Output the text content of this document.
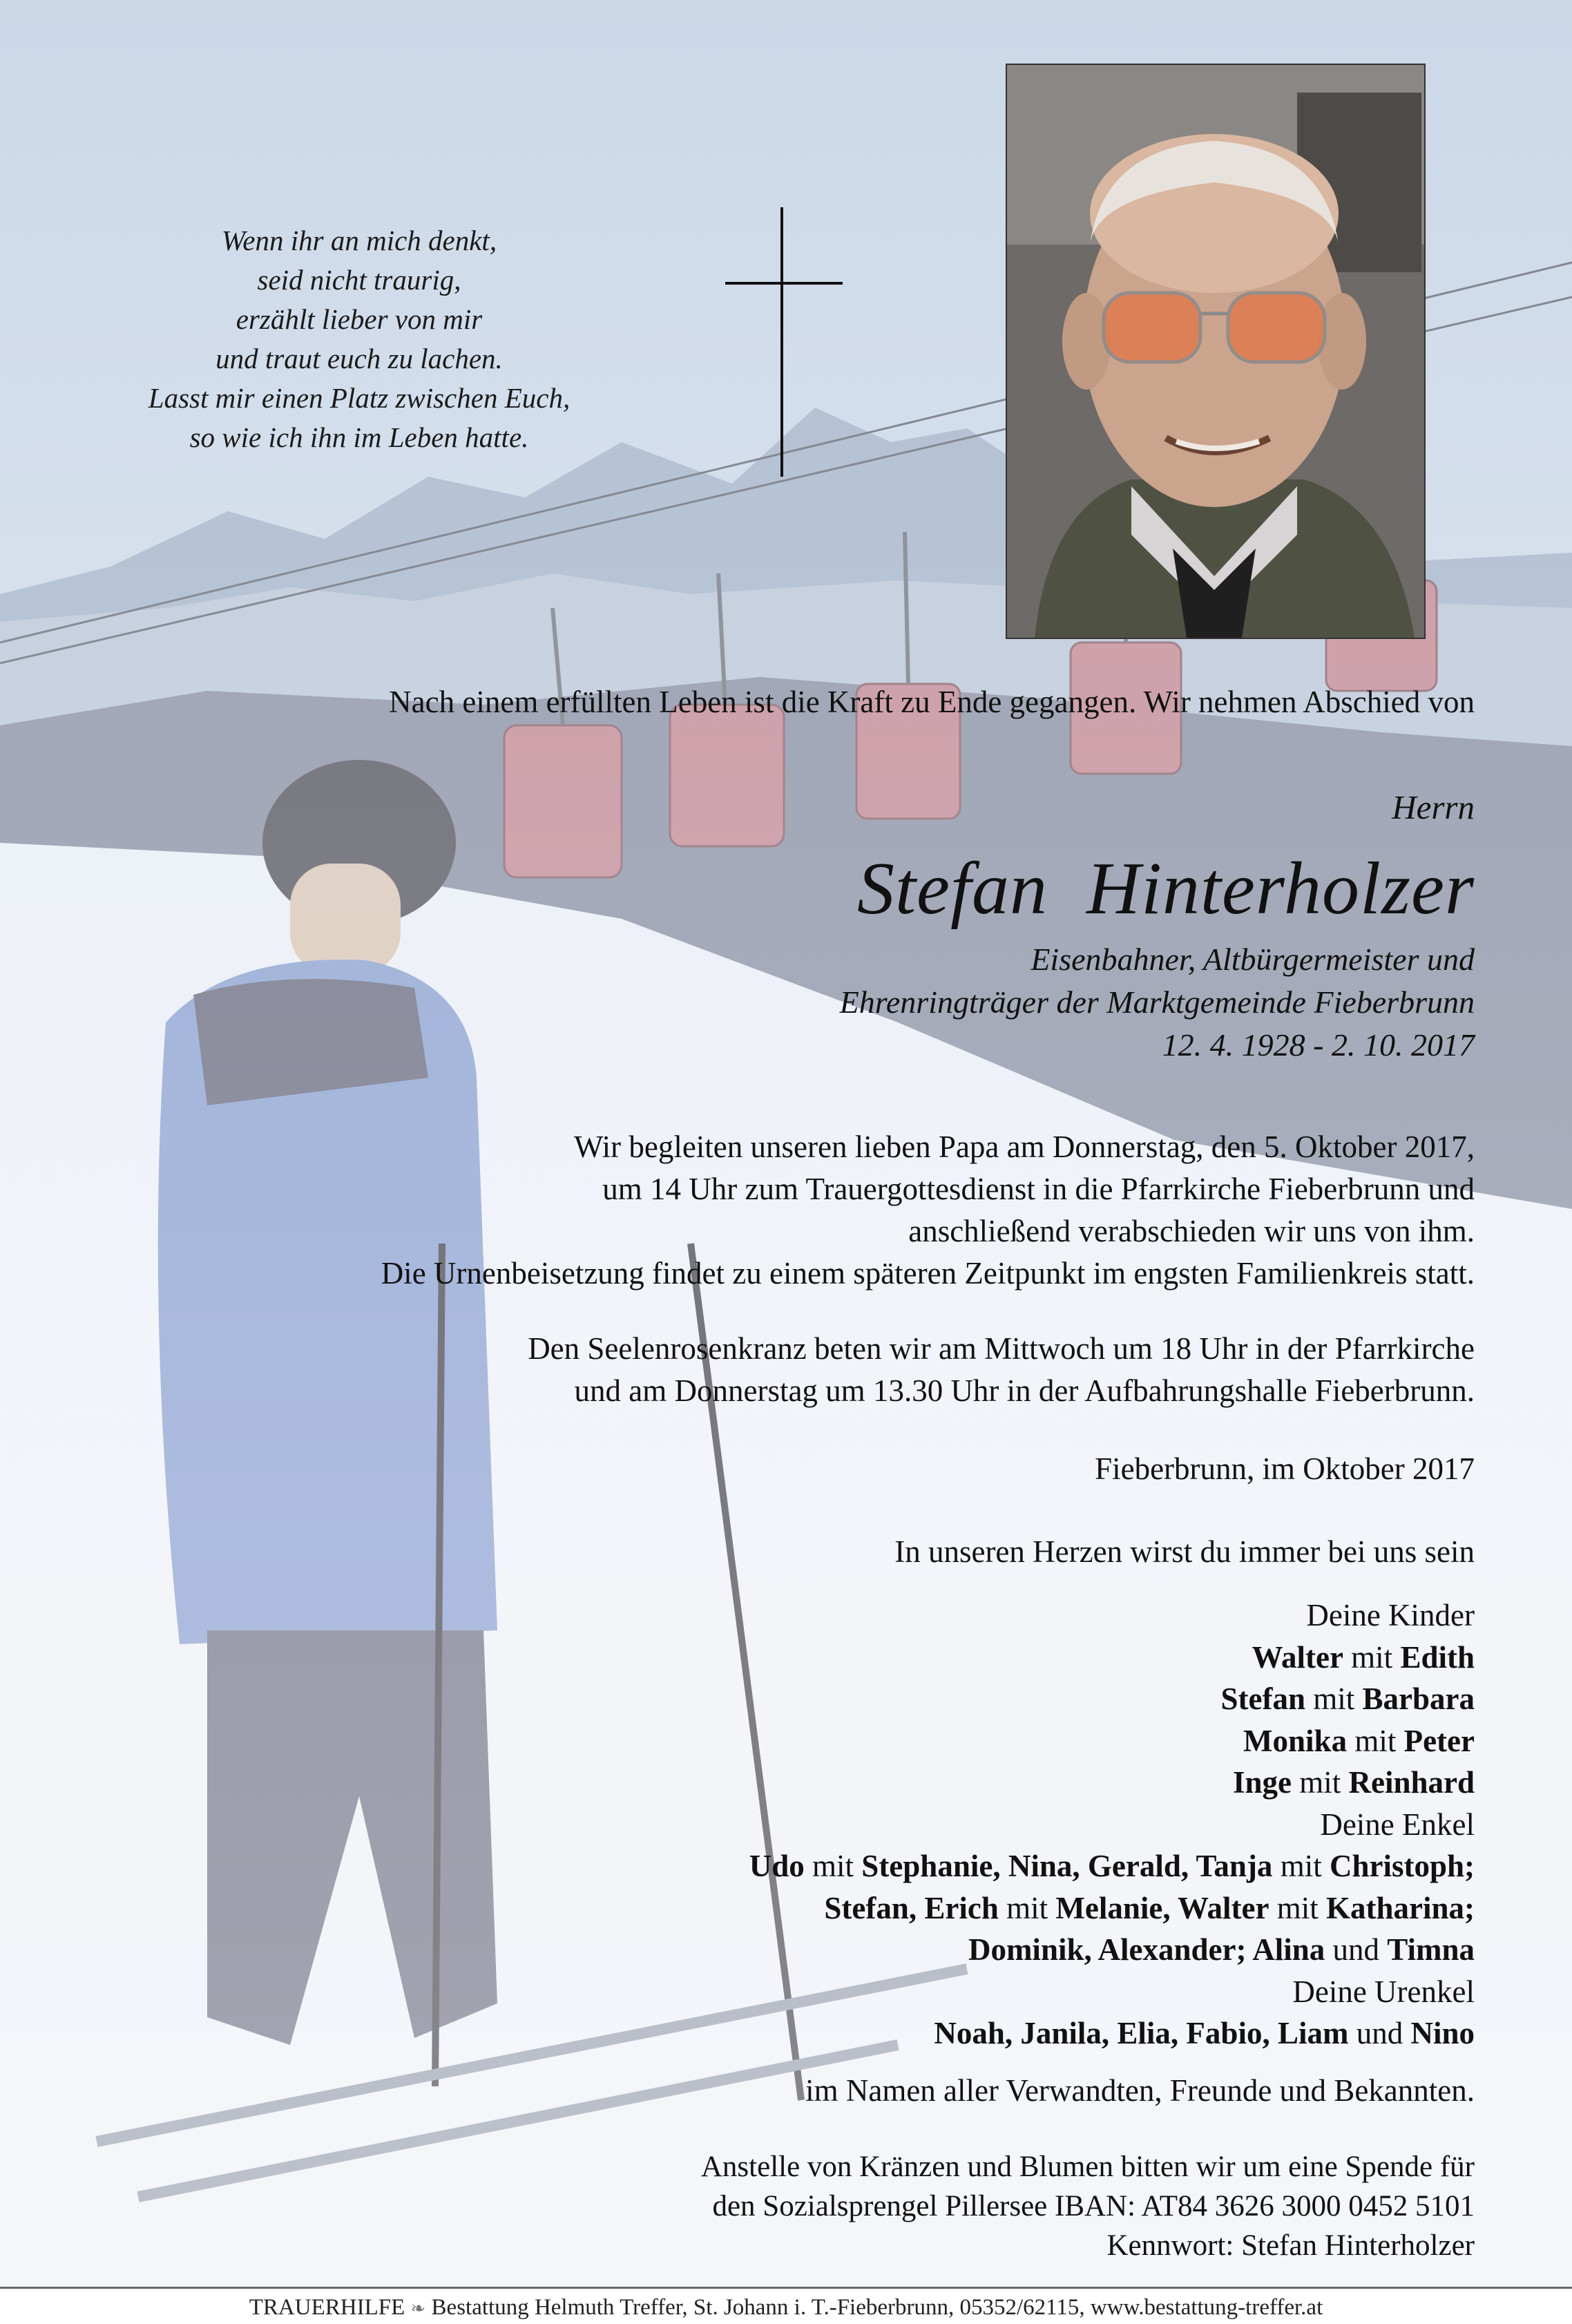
Wenn ihr an mich denkt,
seid nicht traurig,
erzählt lieber von mir
und traut euch zu lachen.
Lasst mir einen Platz zwischen Euch,
so wie ich ihn im Leben hatte.
Nach einem erfüllten Leben ist die Kraft zu Ende gegangen. Wir nehmen Abschied von
Herrn
Stefan Hinterholzer
Eisenbahner, Altbürgermeister und
Ehrenringträger der Marktgemeinde Fieberbrunn
12. 4. 1928 - 2. 10. 2017
Wir begleiten unseren lieben Papa am Donnerstag, den 5. Oktober 2017,
um 14 Uhr zum Trauergottesdienst in die Pfarrkirche Fieberbrunn und
anschließend verabschieden wir uns von ihm.
Die Urnenbeisetzung findet zu einem späteren Zeitpunkt im engsten Familienkreis statt.
Den Seelenrosenkranz beten wir am Mittwoch um 18 Uhr in der Pfarrkirche
und am Donnerstag um 13.30 Uhr in der Aufbahrungshalle Fieberbrunn.
Fieberbrunn, im Oktober 2017
In unseren Herzen wirst du immer bei uns sein
Deine Kinder
Walter mit Edith
Stefan mit Barbara
Monika mit Peter
Inge mit Reinhard
Deine Enkel
Udo mit Stephanie, Nina, Gerald, Tanja mit Christoph;
Stefan, Erich mit Melanie, Walter mit Katharina;
Dominik, Alexander; Alina und Timna
Deine Urenkel
Noah, Janila, Elia, Fabio, Liam und Nino
im Namen aller Verwandten, Freunde und Bekannten.
Anstelle von Kränzen und Blumen bitten wir um eine Spende für
den Sozialsprengel Pillersee IBAN: AT84 3626 3000 0452 5101
Kennwort: Stefan Hinterholzer
TRAUERHILFE ❧ Bestattung Helmuth Treffer, St. Johann i. T.-Fieberbrunn, 05352/62115, www.bestattung-treffer.at
